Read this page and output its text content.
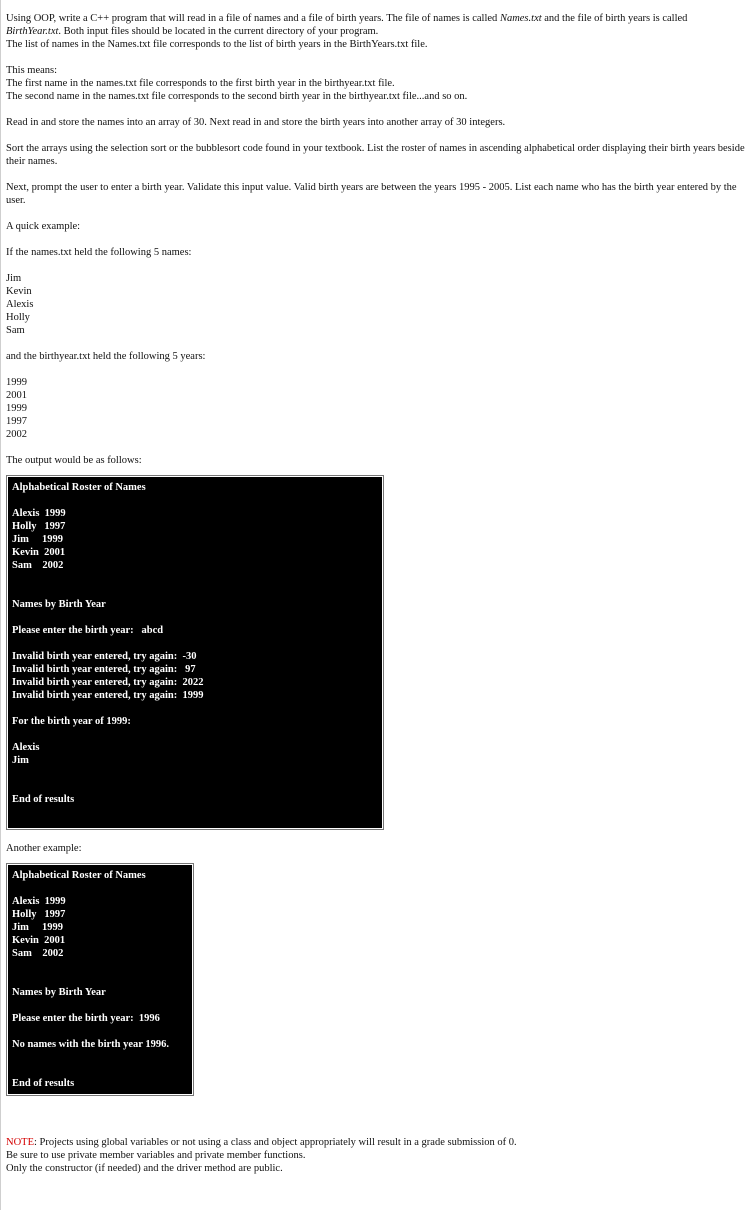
Using OOP, write a C++ program that will read in a file of names and a file of birth years. The file of names is called Names.txt and the file of birth years is called
BirthYear.txt. Both input files should be located in the current directory of your program.
The list of names in the Names.txt file corresponds to the list of birth years in the BirthYears.txt file.

This means:
The first name in the names.txt file corresponds to the first birth year in the birthyear.txt file.
The second name in the names.txt file corresponds to the second birth year in the birthyear.txt file...and so on.

Read in and store the names into an array of 30. Next read in and store the birth years into another array of 30 integers.

Sort the arrays using the selection sort or the bubblesort code found in your textbook. List the roster of names in ascending alphabetical order displaying their birth years beside their names.

Next, prompt the user to enter a birth year. Validate this input value. Valid birth years are between the years 1995 - 2005. List each name who has the birth year entered by the user.

A quick example:

If the names.txt held the following 5 names:

Jim
Kevin
Alexis
Holly
Sam

and the birthyear.txt held the following 5 years:

1999
2001
1999
1997
2002

The output would be as follows:

Alphabetical Roster of Names
Alexis  1999
Holly   1997
Jim     1999
Kevin  2001
Sam    2002
Names by Birth Year
Please enter the birth year:   abcd
Invalid birth year entered, try again:  -30
Invalid birth year entered, try again:   97
Invalid birth year entered, try again:  2022
Invalid birth year entered, try again:  1999
For the birth year of 1999:
Alexis
Jim
End of results

Another example:

Alphabetical Roster of Names
Alexis  1999
Holly   1997
Jim     1999
Kevin  2001
Sam    2002
Names by Birth Year
Please enter the birth year:  1996
No names with the birth year 1996.
End of results

NOTE: Projects using global variables or not using a class and object appropriately will result in a grade submission of 0.
Be sure to use private member variables and private member functions.
Only the constructor (if needed) and the driver method are public.
